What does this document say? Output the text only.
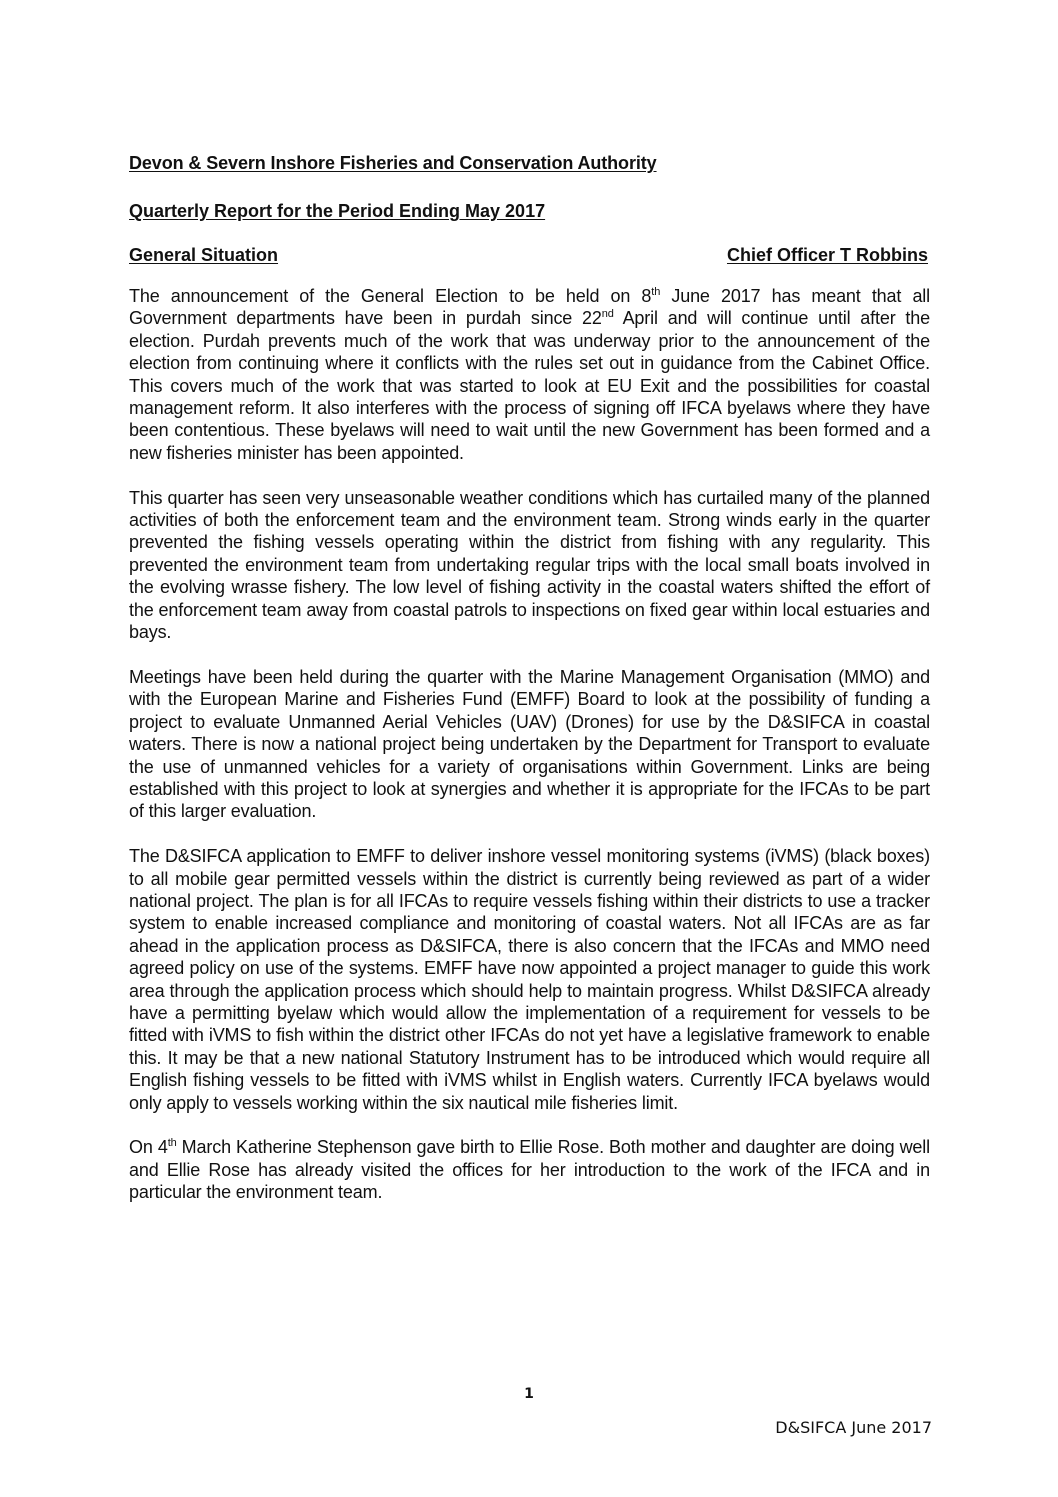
Devon & Severn Inshore Fisheries and Conservation Authority
Quarterly Report for the Period Ending May 2017
General Situation	Chief Officer T Robbins

The announcement of the General Election to be held on 8th June 2017 has meant that all Government departments have been in purdah since 22nd April and will continue until after the election. Purdah prevents much of the work that was underway prior to the announcement of the election from continuing where it conflicts with the rules set out in guidance from the Cabinet Office. This covers much of the work that was started to look at EU Exit and the possibilities for coastal management reform. It also interferes with the process of signing off IFCA byelaws where they have been contentious. These byelaws will need to wait until the new Government has been formed and a new fisheries minister has been appointed.

This quarter has seen very unseasonable weather conditions which has curtailed many of the planned activities of both the enforcement team and the environment team. Strong winds early in the quarter prevented the fishing vessels operating within the district from fishing with any regularity. This prevented the environment team from undertaking regular trips with the local small boats involved in the evolving wrasse fishery. The low level of fishing activity in the coastal waters shifted the effort of the enforcement team away from coastal patrols to inspections on fixed gear within local estuaries and bays.

Meetings have been held during the quarter with the Marine Management Organisation (MMO) and with the European Marine and Fisheries Fund (EMFF) Board to look at the possibility of funding a project to evaluate Unmanned Aerial Vehicles (UAV) (Drones) for use by the D&SIFCA in coastal waters. There is now a national project being undertaken by the Department for Transport to evaluate the use of unmanned vehicles for a variety of organisations within Government. Links are being established with this project to look at synergies and whether it is appropriate for the IFCAs to be part of this larger evaluation.

The D&SIFCA application to EMFF to deliver inshore vessel monitoring systems (iVMS) (black boxes) to all mobile gear permitted vessels within the district is currently being reviewed as part of a wider national project. The plan is for all IFCAs to require vessels fishing within their districts to use a tracker system to enable increased compliance and monitoring of coastal waters. Not all IFCAs are as far ahead in the application process as D&SIFCA, there is also concern that the IFCAs and MMO need agreed policy on use of the systems. EMFF have now appointed a project manager to guide this work area through the application process which should help to maintain progress. Whilst D&SIFCA already have a permitting byelaw which would allow the implementation of a requirement for vessels to be fitted with iVMS to fish within the district other IFCAs do not yet have a legislative framework to enable this. It may be that a new national Statutory Instrument has to be introduced which would require all English fishing vessels to be fitted with iVMS whilst in English waters. Currently IFCA byelaws would only apply to vessels working within the six nautical mile fisheries limit.

On 4th March Katherine Stephenson gave birth to Ellie Rose. Both mother and daughter are doing well and Ellie Rose has already visited the offices for her introduction to the work of the IFCA and in particular the environment team.

1
D&SIFCA June 2017
